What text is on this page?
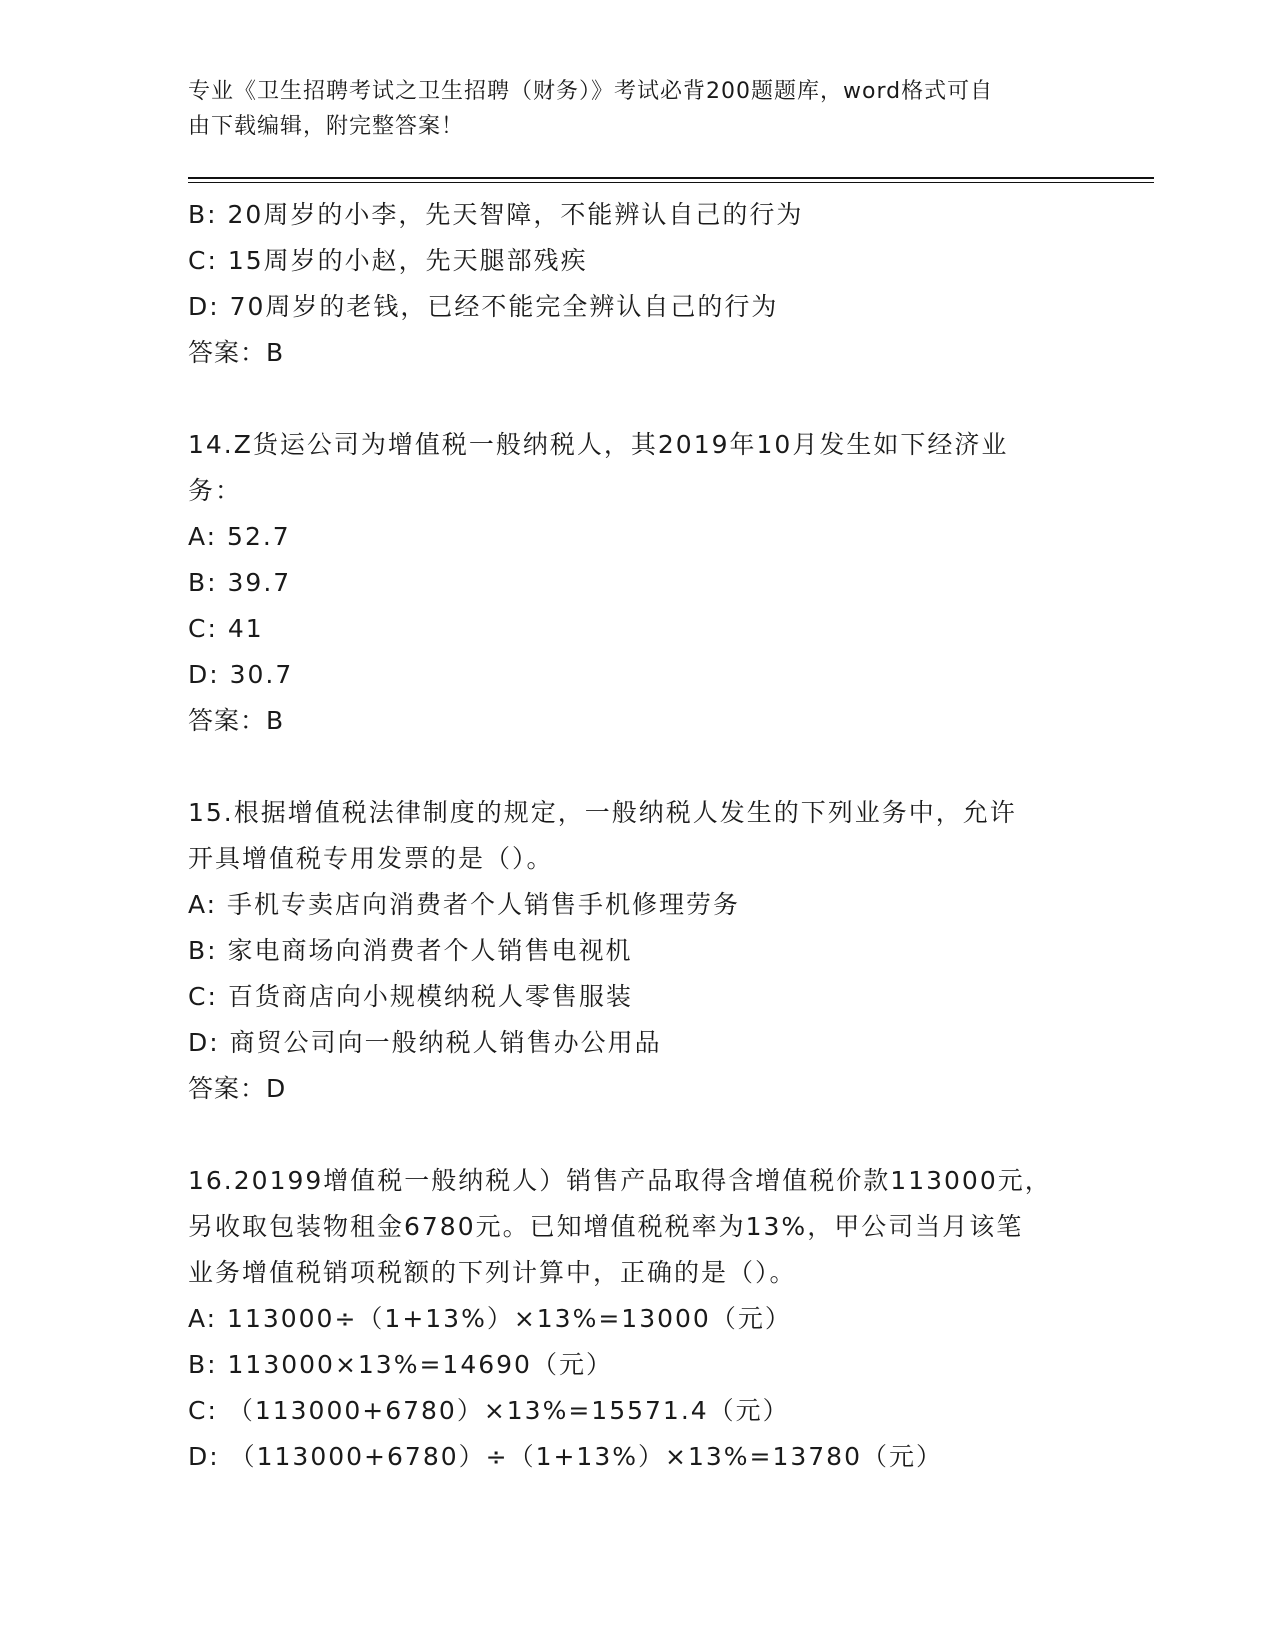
专业《卫生招聘考试之卫生招聘（财务）》考试必背200题题库，word格式可自
由下载编辑，附完整答案！
B: 20周岁的小李，先天智障，不能辨认自己的行为
C: 15周岁的小赵，先天腿部残疾
D: 70周岁的老钱，已经不能完全辨认自己的行为
答案：B
14.Z货运公司为增值税一般纳税人，其2019年10月发生如下经济业
务：
A: 52.7
B: 39.7
C: 41
D: 30.7
答案：B
15.根据增值税法律制度的规定，一般纳税人发生的下列业务中，允许
开具增值税专用发票的是（）。
A: 手机专卖店向消费者个人销售手机修理劳务
B: 家电商场向消费者个人销售电视机
C: 百货商店向小规模纳税人零售服装
D: 商贸公司向一般纳税人销售办公用品
答案：D
16.20199增值税一般纳税人）销售产品取得含增值税价款113000元，
另收取包装物租金6780元。已知增值税税率为13%，甲公司当月该笔
业务增值税销项税额的下列计算中，正确的是（）。
A: 113000÷（1+13%）×13%=13000（元）
B: 113000×13%=14690（元）
C: （113000+6780）×13%=15571.4（元）
D: （113000+6780）÷（1+13%）×13%=13780（元）
